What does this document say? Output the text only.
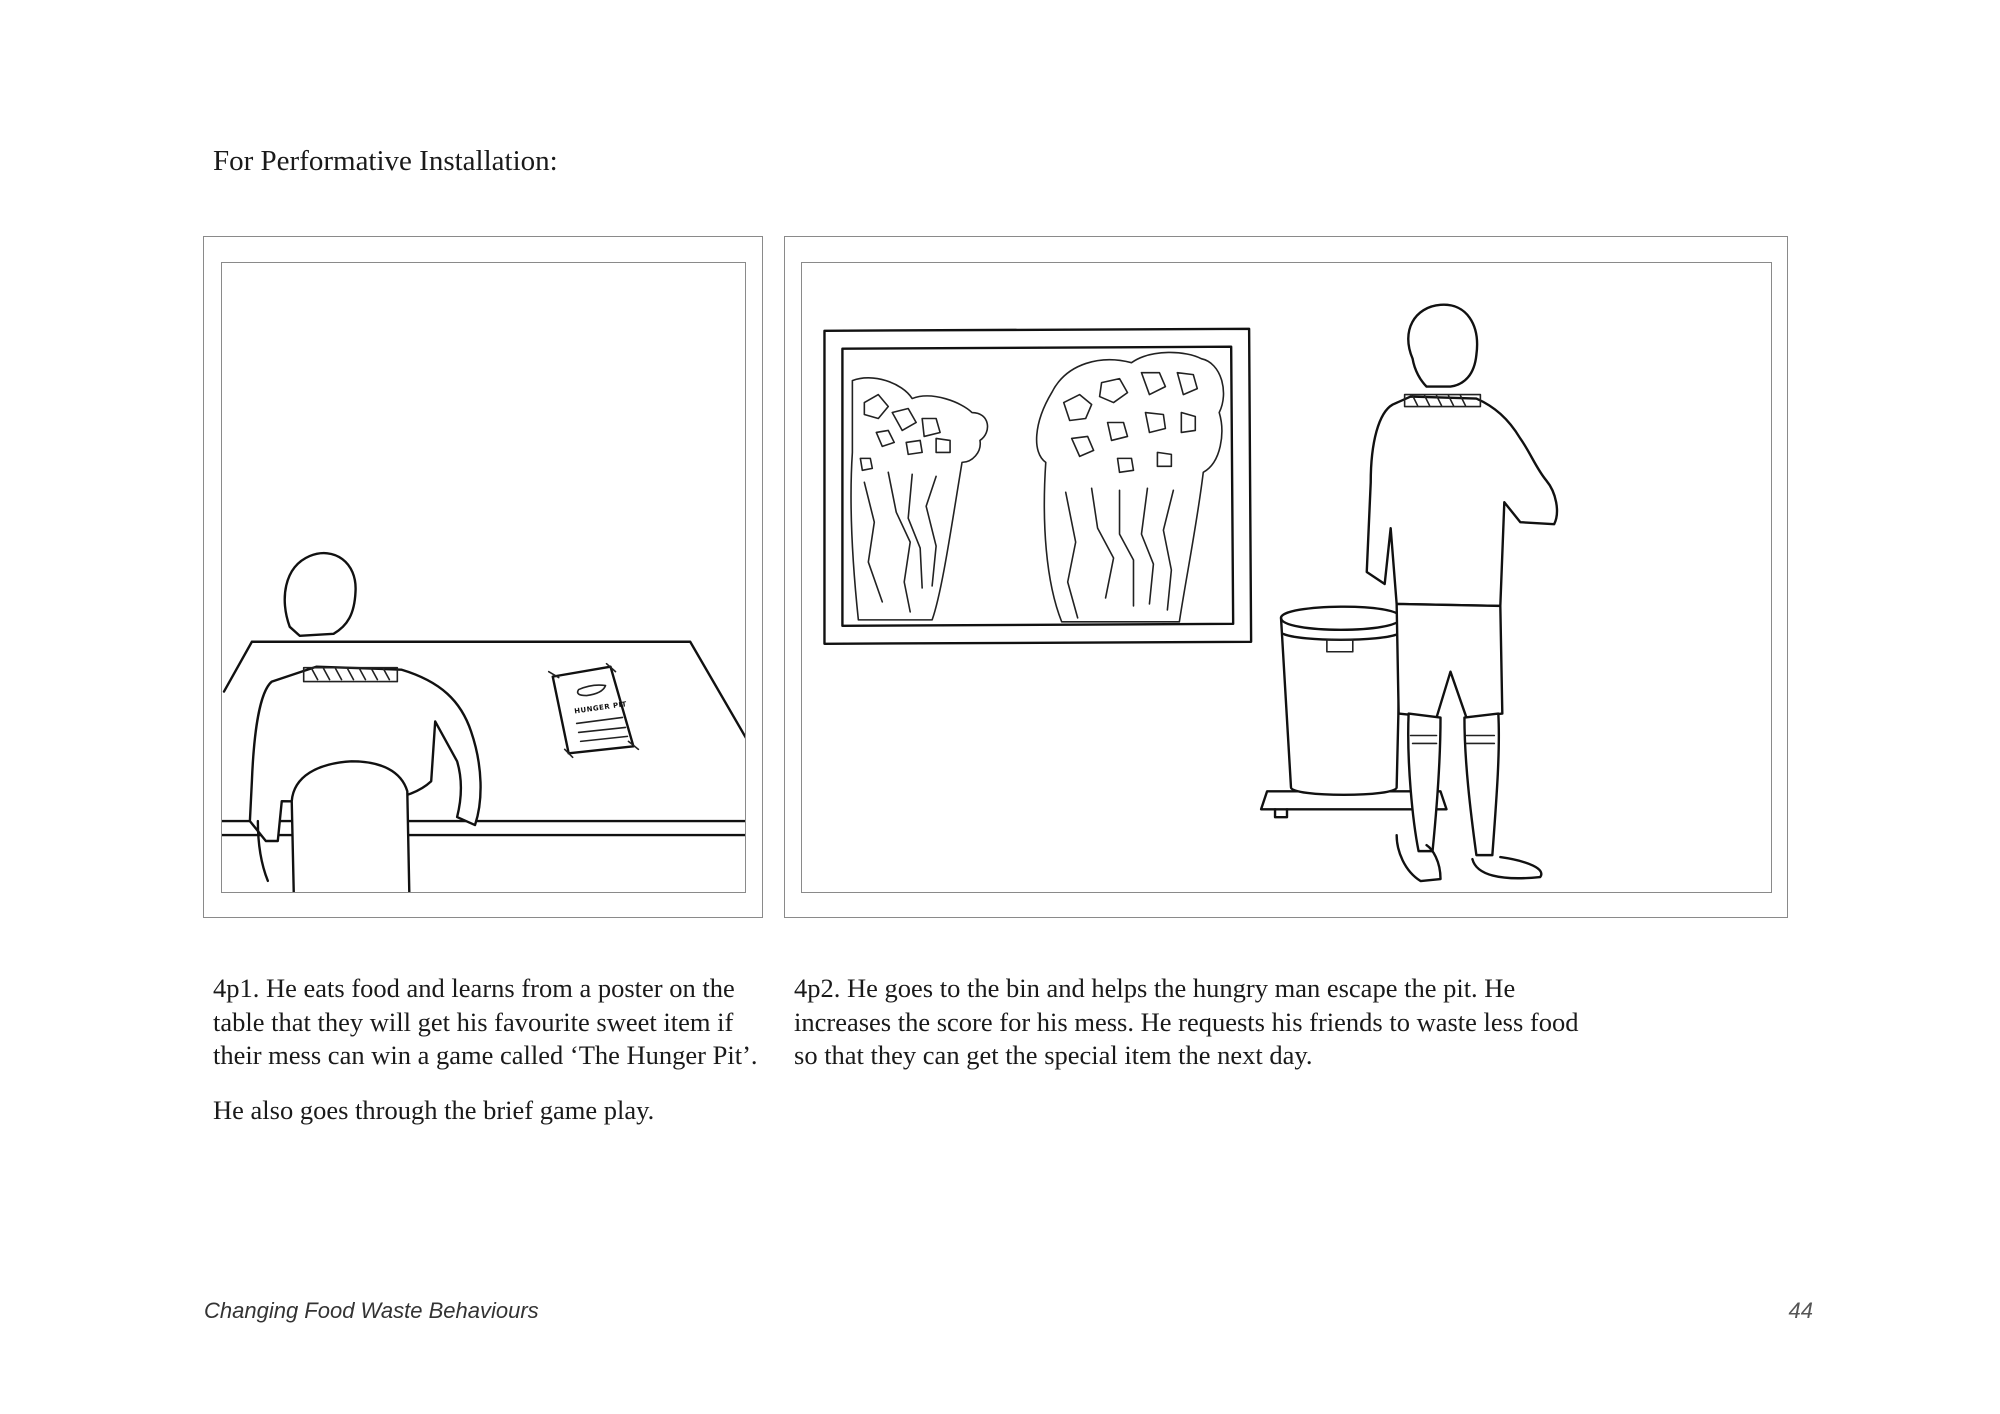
For Performative Installation:
HUNGER PIT

4p1. He eats food and learns from a poster on the table that they will get his favourite sweet item if their mess can win a game called ‘The Hunger Pit’.

He also goes through the brief game play.

4p2. He goes to the bin and helps the hungry man escape the pit. He increases the score for his mess. He requests his friends to waste less food so that they can get the special item the next day.

Changing Food Waste Behaviours	44
